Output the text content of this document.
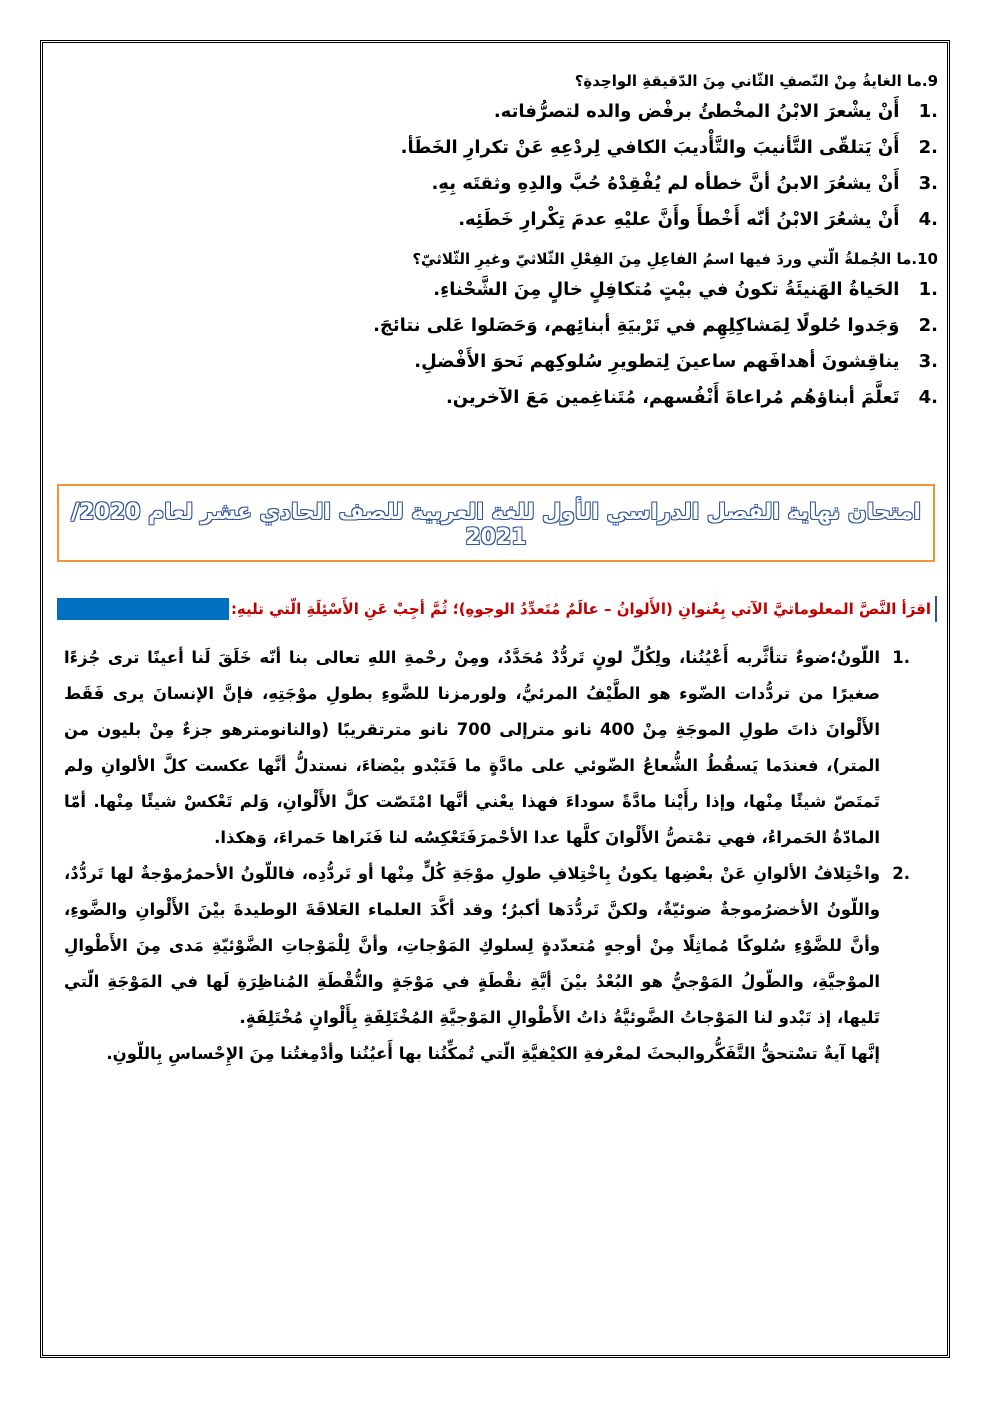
9.ما الغايةُ مِنْ النّصفِ الثّاني مِنَ الدّقيقةِ الواحِدةِ؟
.1  أَنْ يشْعرَ الابْنُ المخْطئُ برفْض والده لتصرُّفاته.
.2  أَنْ يَتلقّى التَّأنيبَ والتَّأْديبَ الكافي لِردْعِهِ عَنْ تكرارِ الخَطَأ.
.3  أَنْ يشعُرَ الابنُ أنَّ خطأه لم يُفْقِدْهُ حُبَّ والدِهِ وثقتَه بِهِ.
.4  أَنْ يشعُرَ الابْنُ أنّه أَخْطأَ وأَنَّ عليْهِ عدمَ تِكْرارِ خَطَئِه.
10.ما الجُملةُ الّتي وردَ فيها اسمُ الفاعِلِ مِنَ الفِعْلِ الثّلاثيّ وغيرِ الثّلاثيّ؟
.1  الحَياةُ الهَنيئَةُ تكونُ في بيْتٍ مُتكافِلٍ خالٍ مِنَ الشَّحْناءِ.
.2  وَجَدوا حُلولًا لِمَشاكِلِهِم في تَرْبيَةِ أبنائِهم، وَحَصَلوا عَلى نتائجَ.
.3  يناقِشونَ أهدافَهم ساعينَ لِتطويرِ سُلوكِهم نَحوَ الأَفْضلِ.
.4  تَعلَّمَ أبناؤهُم مُراعاةَ أَنْفُسهم، مُتَناغِمين مَعَ الآخرين.
امتحان نهاية الفصل الدراسي الأول للغة العربية للصف الحادي عشر لعام 2020/ 2021
اقرَأ النَّصَّ المعلوماتيَّ الآتي بِعُنوانِ (الأَلوانُ – عالَمٌ مُتَعدِّدُ الوجوهِ)؛ ثُمَّ أجِبْ عَنِ الأَسْئِلَةِ الّتي تليهِ:

.1
اللّونُ؛ضوءٌ تتأثَّربه أَعْيُنُنا، ولِكُلِّ لونٍ تَردُّدٌ مُحَدَّدٌ، ومِنْ رحْمةِ اللهِ تعالى بنا أنّه خَلَقَ لَنا أعينًا ترى جُزءًا صغيرًا من تردُّدات الضّوء هو الطَّيْفُ المرئيُّ، ولورمزنا للضَّوءِ بطولِ موْجَتِهِ، فإنَّ الإنسانَ يرى فَقَط الأَلْوانَ ذاتَ طولِ الموجَةِ مِنْ 400 نانو مترإلى 700 نانو مترتقريبًا (والنانومترهو جزءٌ مِنْ بليون من المتر)، فعندَما يَسقُطُ الشُّعاعُ الضّوئي على مادَّةٍ ما فَتَبْدو بيْضاءَ، نستدلُّ أنَّها عكست كلَّ الألوانِ ولم تَمتَصّ شيئًا مِنْها، وإذا رأَيْنا مادَّةً سوداءَ فهذا يعْني أنَّها امْتَصّت كلَّ الأَلْوانِ، وَلم تَعْكسْ شيئًا مِنْها. أمّا المادّةُ الحَمراءُ، فهي تمْتصُّ الأَلْوانَ كلَّها عدا الأحْمرَفَتَعْكِسُه لنا فَنَراها حَمراءَ، وَهكذا.

.2
واخْتِلافُ الألوانِ عَنْ بعْضِها يكونُ بِاخْتِلافِ طولِ موْجَةِ كُلٍّ مِنْها أو تَردُّدِه، فاللّونُ الأحمرُموْجةٌ لها تَردُّدٌ، واللّونُ الأخضرُموجةٌ ضوئيّةٌ، ولكنَّ تَردُّدَها أكبرُ؛ وقد أكَّدَ العلماء العَلاقَةَ الوطيدةَ بيْنَ الأَلْوانِ والضَّوءِ، وأنَّ للضَّوْءِ سُلوكًا مُماثِلًا مِنْ أوجهٍ مُتعدّدةٍ لِسلوكِ المَوْجاتِ، وأنَّ لِلْمَوْجاتِ الضَّوْئيّةِ مَدى مِنَ الأَطْوالِ الموْجيَّةِ، والطّولُ المَوْجيُّ هو البُعْدُ بيْنَ أيَّةِ نقْطَةٍ في مَوْجَةٍ والنُّقْطَةِ المُناظِرَةِ لَها في المَوْجَةِ الّتي تَليها، إذ تَبْدو لنا المَوْجاتُ الضَّوئيَّةُ ذاتُ الأَطْوالِ المَوْجيَّةِ المُخْتَلِفَةِ بِأَلْوانٍ مُخْتَلِفَةٍ.

إنَّها آيةٌ تسْتحقُّ التَّفَكُّروالبحثَ لمعْرفةِ الكيْفيَّةِ الّتي تُمكِّنُنا بها أَعيُنُنا وأدْمِغتُنا مِنَ الإِحْساسِ بِاللّونِ.
